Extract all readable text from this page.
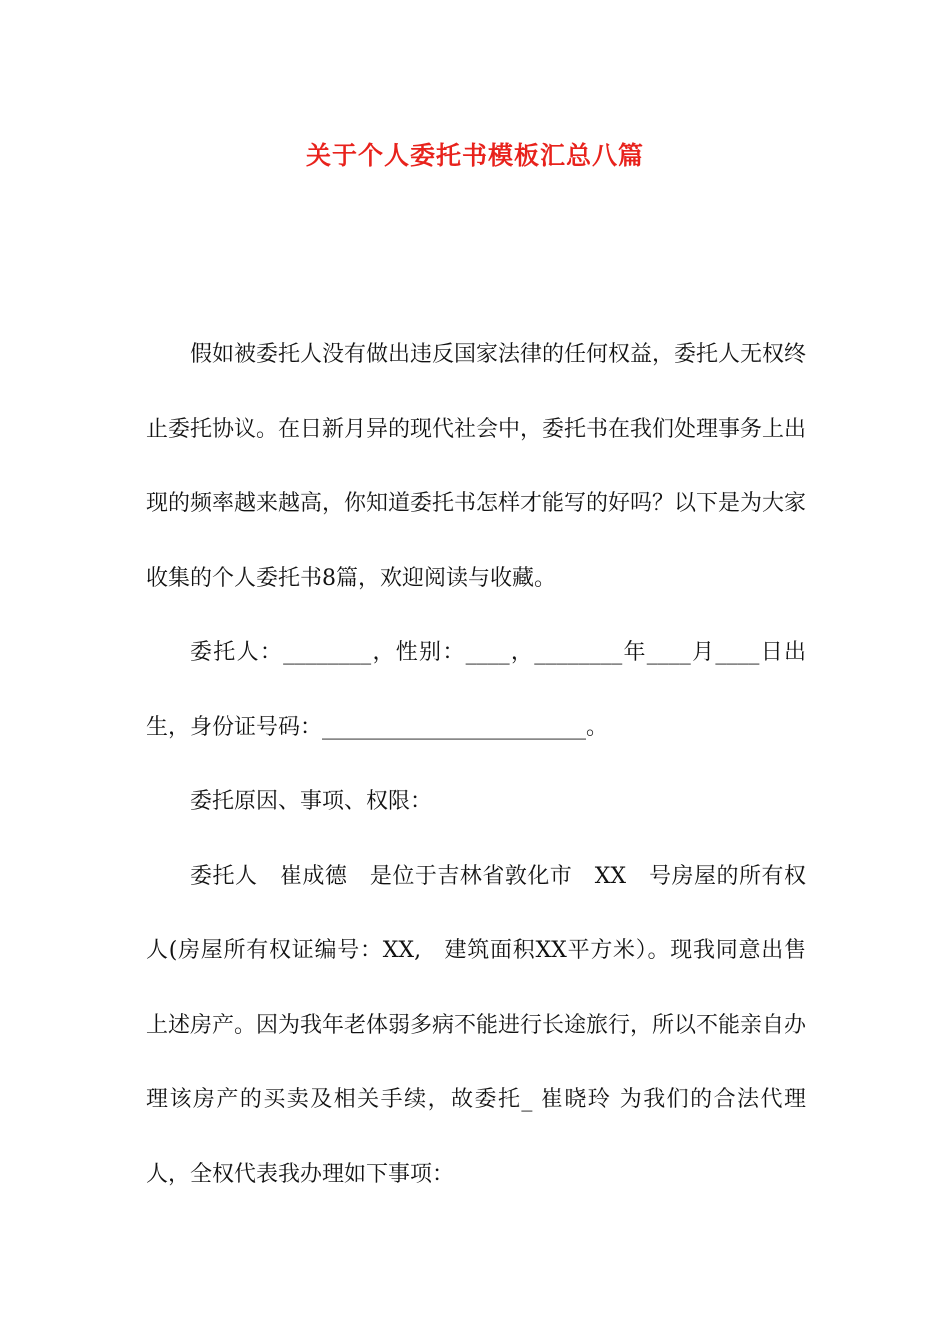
关于个人委托书模板汇总八篇

假如被委托人没有做出违反国家法律的任何权益，委托人无权终止委托协议。在日新月异的现代社会中，委托书在我们处理事务上出现的频率越来越高，你知道委托书怎样才能写的好吗？以下是为大家收集的个人委托书8篇，欢迎阅读与收藏。

委托人：________，性别：____，________年____月____日出生，身份证号码：________________________。

委托原因、事项、权限：

委托人　崔成德　是位于吉林省敦化市　XX　号房屋的所有权人(房屋所有权证编号：XX,　建筑面积XX平方米）。现我同意出售上述房产。因为我年老体弱多病不能进行长途旅行，所以不能亲自办理该房产的买卖及相关手续，故委托_ 崔晓玲 为我们的合法代理人，全权代表我办理如下事项：
